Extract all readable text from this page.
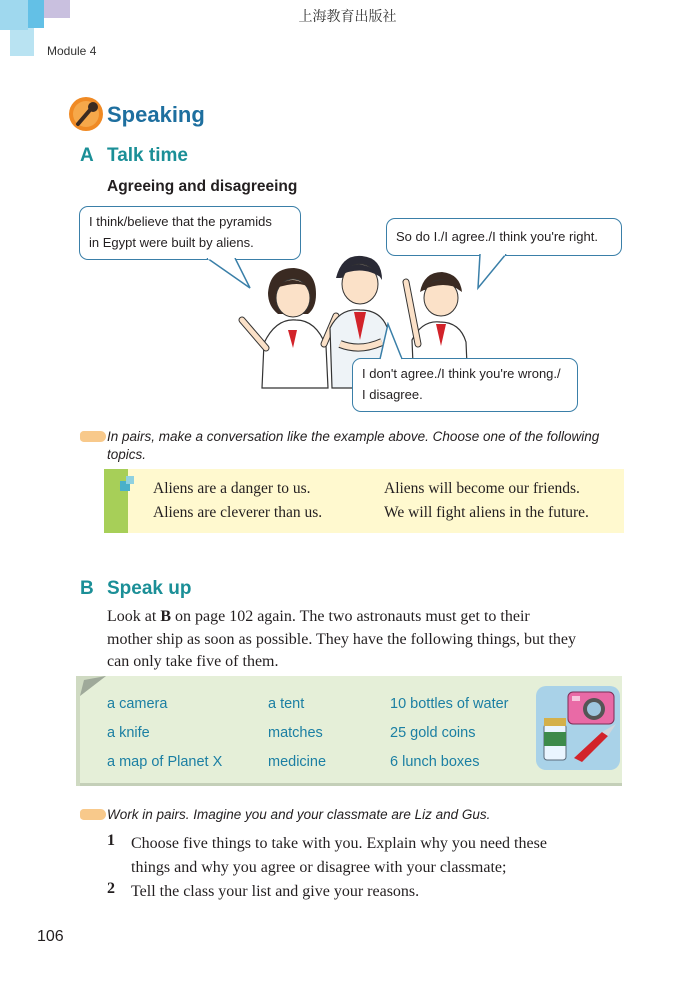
上海教育出版社
Module 4
Speaking
A Talk time
Agreeing and disagreeing
I think/believe that the pyramids
in Egypt were built by aliens.	So do I./I agree./I think you're right.
I don't agree./I think you're wrong./
I disagree.
In pairs, make a conversation like the example above. Choose one of the following
topics.
Aliens are a danger to us.	Aliens will become our friends.
Aliens are cleverer than us.	We will fight aliens in the future.
B Speak up
Look at B on page 102 again. The two astronauts must get to their
mother ship as soon as possible. They have the following things, but they
can only take five of them.
a camera	a tent	10 bottles of water
a knife	matches	25 gold coins
a map of Planet X	medicine	6 lunch boxes
Work in pairs. Imagine you and your classmate are Liz and Gus.
1 Choose five things to take with you. Explain why you need these
things and why you agree or disagree with your classmate;
2 Tell the class your list and give your reasons.
106
